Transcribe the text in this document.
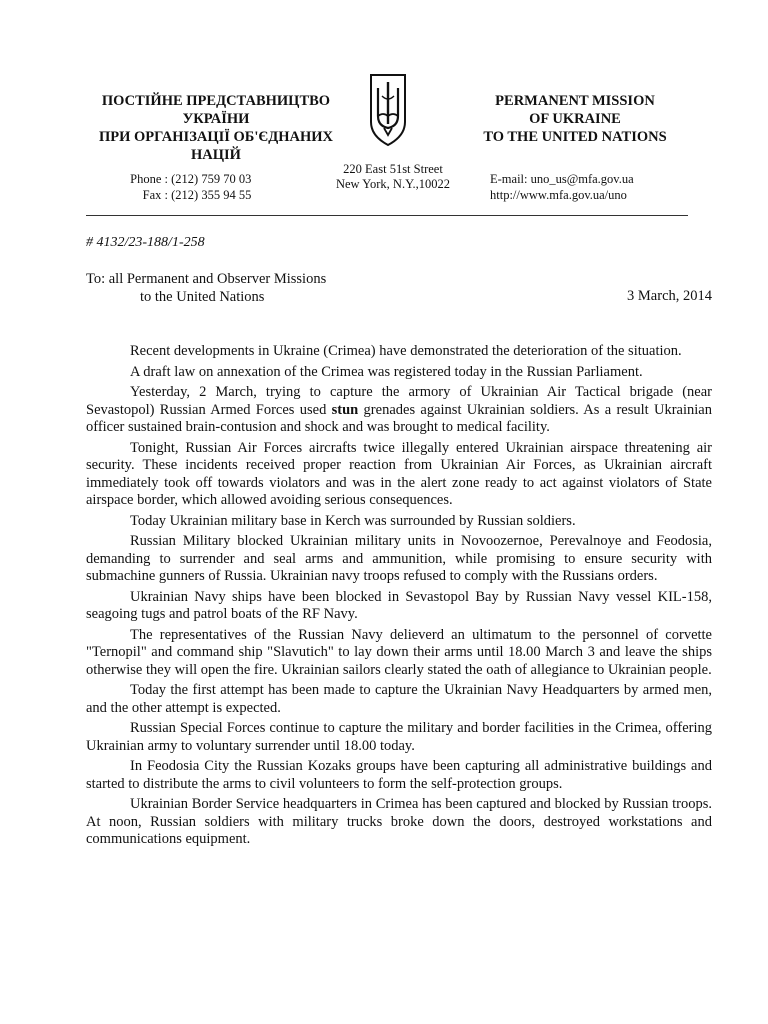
ПОСТІЙНЕ ПРЕДСТАВНИЦТВО
УКРАЇНИ
ПРИ ОРГАНІЗАЦІЇ ОБ'ЄДНАНИХ
НАЦІЙ
PERMANENT MISSION
OF UKRAINE
TO THE UNITED NATIONS
Phone : (212) 759 70 03
Fax : (212) 355 94 55
220 East 51st Street
New York, N.Y.,10022	E-mail: uno_us@mfa.gov.ua
http://www.mfa.gov.ua/uno
# 4132/23-188/1-258
To: all Permanent and Observer Missions
to the United Nations	3 March, 2014

Recent developments in Ukraine (Crimea) have demonstrated the deterioration of the situation.

A draft law on annexation of the Crimea was registered today in the Russian Parliament.

Yesterday, 2 March, trying to capture the armory of Ukrainian Air Tactical brigade (near Sevastopol) Russian Armed Forces used stun grenades against Ukrainian soldiers. As a result Ukrainian officer sustained brain-contusion and shock and was brought to medical facility.

Tonight, Russian Air Forces aircrafts twice illegally entered Ukrainian airspace threatening air security. These incidents received proper reaction from Ukrainian Air Forces, as Ukrainian aircraft immediately took off towards violators and was in the alert zone ready to act against violators of State airspace border, which allowed avoiding serious consequences.

Today Ukrainian military base in Kerch was surrounded by Russian soldiers.

Russian Military blocked Ukrainian military units in Novoozernoe, Perevalnoye and Feodosia, demanding to surrender and seal arms and ammunition, while promising to ensure security with submachine gunners of Russia. Ukrainian navy troops refused to comply with the Russians orders.

Ukrainian Navy ships have been blocked in Sevastopol Bay by Russian Navy vessel KIL-158, seagoing tugs and patrol boats of the RF Navy.

The representatives of the Russian Navy delieverd an ultimatum to the personnel of corvette "Ternopil" and command ship "Slavutich" to lay down their arms until 18.00 March 3 and leave the ships otherwise they will open the fire. Ukrainian sailors clearly stated the oath of allegiance to Ukrainian people.

Today the first attempt has been made to capture the Ukrainian Navy Headquarters by armed men, and the other attempt is expected.

Russian Special Forces continue to capture the military and border facilities in the Crimea, offering Ukrainian army to voluntary surrender until 18.00 today.

In Feodosia City the Russian Kozaks groups have been capturing all administrative buildings and started to distribute the arms to civil volunteers to form the self-protection groups.

Ukrainian Border Service headquarters in Crimea has been captured and blocked by Russian troops. At noon, Russian soldiers with military trucks broke down the doors, destroyed workstations and communications equipment.
